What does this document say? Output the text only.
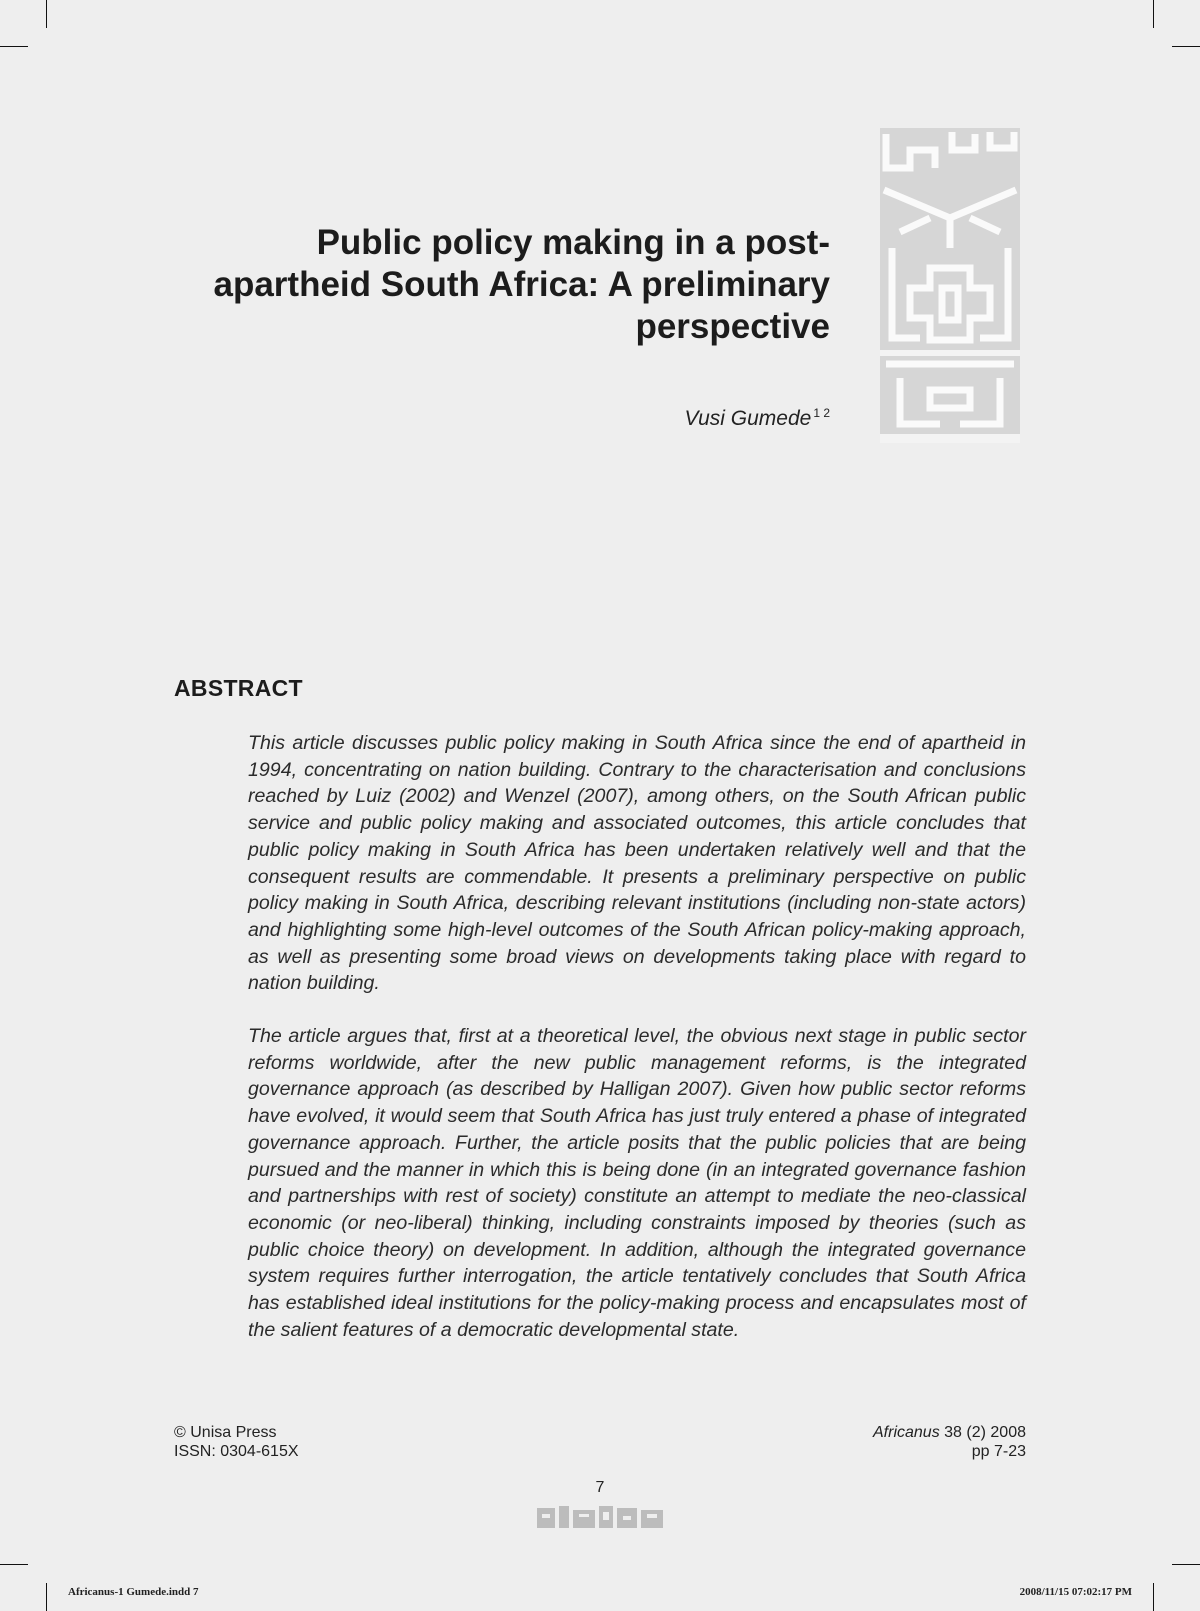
Public policy making in a post-apartheid South Africa: A preliminary perspective
Vusi Gumede $^{1 2}$
ABSTRACT

This article discusses public policy making in South Africa since the end of apartheid in 1994, concentrating on nation building. Contrary to the characterisation and conclusions reached by Luiz (2002) and Wenzel (2007), among others, on the South African public service and public policy making and associated outcomes, this article concludes that public policy making in South Africa has been undertaken relatively well and that the consequent results are commendable. It presents a preliminary perspective on public policy making in South Africa, describing relevant institutions (including non-state actors) and highlighting some high-level outcomes of the South African policy-making approach, as well as presenting some broad views on developments taking place with regard to nation building.

The article argues that, first at a theoretical level, the obvious next stage in public sector reforms worldwide, after the new public management reforms, is the integrated governance approach (as described by Halligan 2007). Given how public sector reforms have evolved, it would seem that South Africa has just truly entered a phase of integrated governance approach. Further, the article posits that the public policies that are being pursued and the manner in which this is being done (in an integrated governance fashion and partnerships with rest of society) constitute an attempt to mediate the neo-classical economic (or neo-liberal) thinking, including constraints imposed by theories (such as public choice theory) on development. In addition, although the integrated governance system requires further interrogation, the article tentatively concludes that South Africa has established ideal institutions for the policy-making process and encapsulates most of the salient features of a democratic developmental state.

© Unisa Press
ISSN: 0304-615X
Africanus 38 (2) 2008
pp 7-23
7
Africanus-1 Gumede.indd 7	2008/11/15 07:02:17 PM
